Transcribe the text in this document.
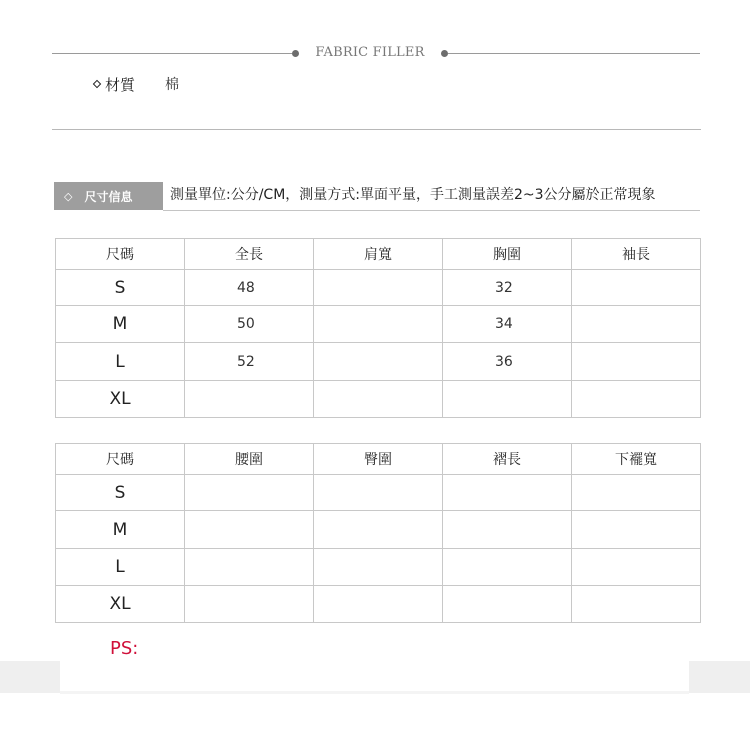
FABRIC FILLER
材質 棉
◇ 尺寸信息	測量單位:公分/CM，測量方式:單面平量，手工測量誤差2~3公分屬於正常現象
尺碼	全長	肩寬	胸圍	袖長
S	48		32	
M	50		34	
L	52		36	
XL				
尺碼	腰圍	臀圍	褶長	下襬寬
S				
M				
L				
XL				
PS:
